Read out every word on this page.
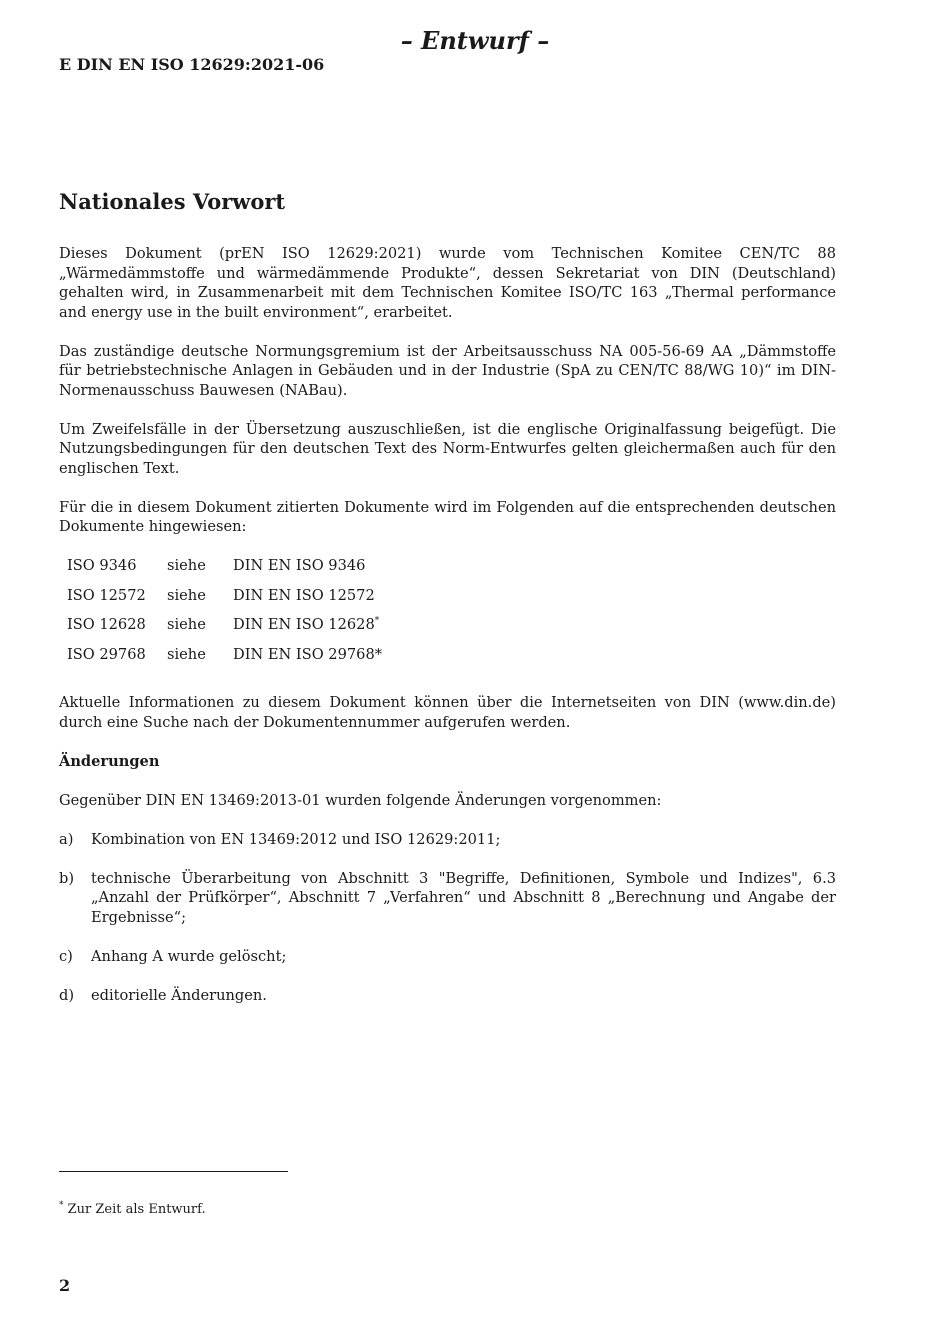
– Entwurf –
E DIN EN ISO 12629:2021-06
Nationales Vorwort

Dieses Dokument (prEN ISO 12629:2021) wurde vom Technischen Komitee CEN/TC 88 „Wärmedämmstoffe und wärmedämmende Produkte“, dessen Sekretariat von DIN (Deutschland) gehalten wird, in Zusammenarbeit mit dem Technischen Komitee ISO/TC 163 „Thermal performance and energy use in the built environment“, erarbeitet.

Das zuständige deutsche Normungsgremium ist der Arbeitsausschuss NA 005-56-69 AA „Dämmstoffe für betriebstechnische Anlagen in Gebäuden und in der Industrie (SpA zu CEN/TC 88/WG 10)“ im DIN-Normenausschuss Bauwesen (NABau).

Um Zweifelsfälle in der Übersetzung auszuschließen, ist die englische Originalfassung beigefügt. Die Nutzungsbedingungen für den deutschen Text des Norm-Entwurfes gelten gleichermaßen auch für den englischen Text.

Für die in diesem Dokument zitierten Dokumente wird im Folgenden auf die entsprechenden deutschen Dokumente hingewiesen:

ISO 9346	siehe	DIN EN ISO 9346
ISO 12572	siehe	DIN EN ISO 12572
ISO 12628	siehe	DIN EN ISO 12628*
ISO 29768	siehe	DIN EN ISO 29768*

Aktuelle Informationen zu diesem Dokument können über die Internetseiten von DIN (www.din.de) durch eine Suche nach der Dokumentennummer aufgerufen werden.

Änderungen

Gegenüber DIN EN 13469:2013-01 wurden folgende Änderungen vorgenommen:

a) Kombination von EN 13469:2012 und ISO 12629:2011;
b) technische Überarbeitung von Abschnitt 3 "Begriffe, Definitionen, Symbole und Indizes", 6.3 „Anzahl der Prüfkörper“, Abschnitt 7 „Verfahren“ und Abschnitt 8 „Berechnung und Angabe der Ergebnisse“;
c) Anhang A wurde gelöscht;
d) editorielle Änderungen.
* Zur Zeit als Entwurf.
2
